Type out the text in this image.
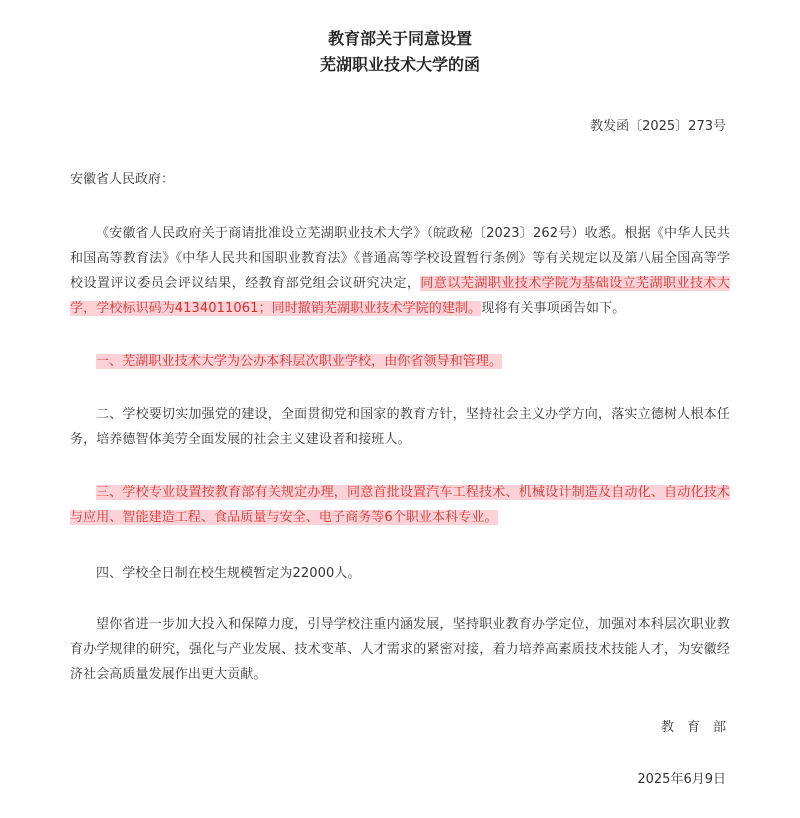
教育部关于同意设置
芜湖职业技术大学的函
教发函〔2025〕273号
安徽省人民政府：
《安徽省人民政府关于商请批准设立芜湖职业技术大学》（皖政秘〔2023〕262号）收悉。根据《中华人民共和国高等教育法》《中华人民共和国职业教育法》《普通高等学校设置暂行条例》等有关规定以及第八届全国高等学校设置评议委员会评议结果，经教育部党组会议研究决定，同意以芜湖职业技术学院为基础设立芜湖职业技术大学，学校标识码为4134011061；同时撤销芜湖职业技术学院的建制。现将有关事项函告如下。
一、芜湖职业技术大学为公办本科层次职业学校，由你省领导和管理。
二、学校要切实加强党的建设，全面贯彻党和国家的教育方针，坚持社会主义办学方向，落实立德树人根本任务，培养德智体美劳全面发展的社会主义建设者和接班人。
三、学校专业设置按教育部有关规定办理，同意首批设置汽车工程技术、机械设计制造及自动化、自动化技术与应用、智能建造工程、食品质量与安全、电子商务等6个职业本科专业。
四、学校全日制在校生规模暂定为22000人。
望你省进一步加大投入和保障力度，引导学校注重内涵发展，坚持职业教育办学定位，加强对本科层次职业教育办学规律的研究，强化与产业发展、技术变革、人才需求的紧密对接，着力培养高素质技术技能人才，为安徽经济社会高质量发展作出更大贡献。
教育部
2025年6月9日
